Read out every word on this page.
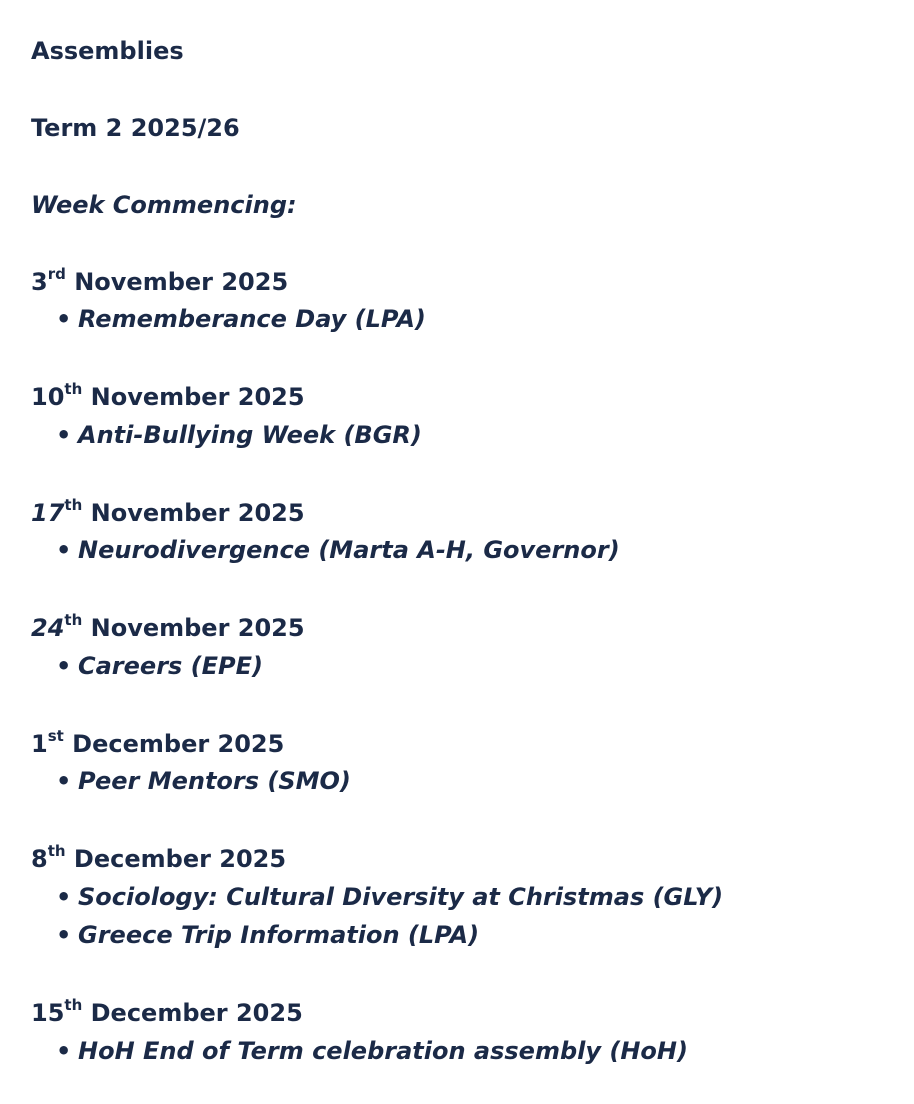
Assemblies
Term 2 2025/26
Week Commencing:
3rd November 2025
• Rememberance Day (LPA)
10th November 2025
• Anti-Bullying Week (BGR)
17th November 2025
• Neurodivergence (Marta A-H, Governor)
24th November 2025
• Careers (EPE)
1st December 2025
• Peer Mentors (SMO)
8th December 2025
• Sociology: Cultural Diversity at Christmas (GLY)
• Greece Trip Information (LPA)
15th December 2025
• HoH End of Term celebration assembly (HoH)
